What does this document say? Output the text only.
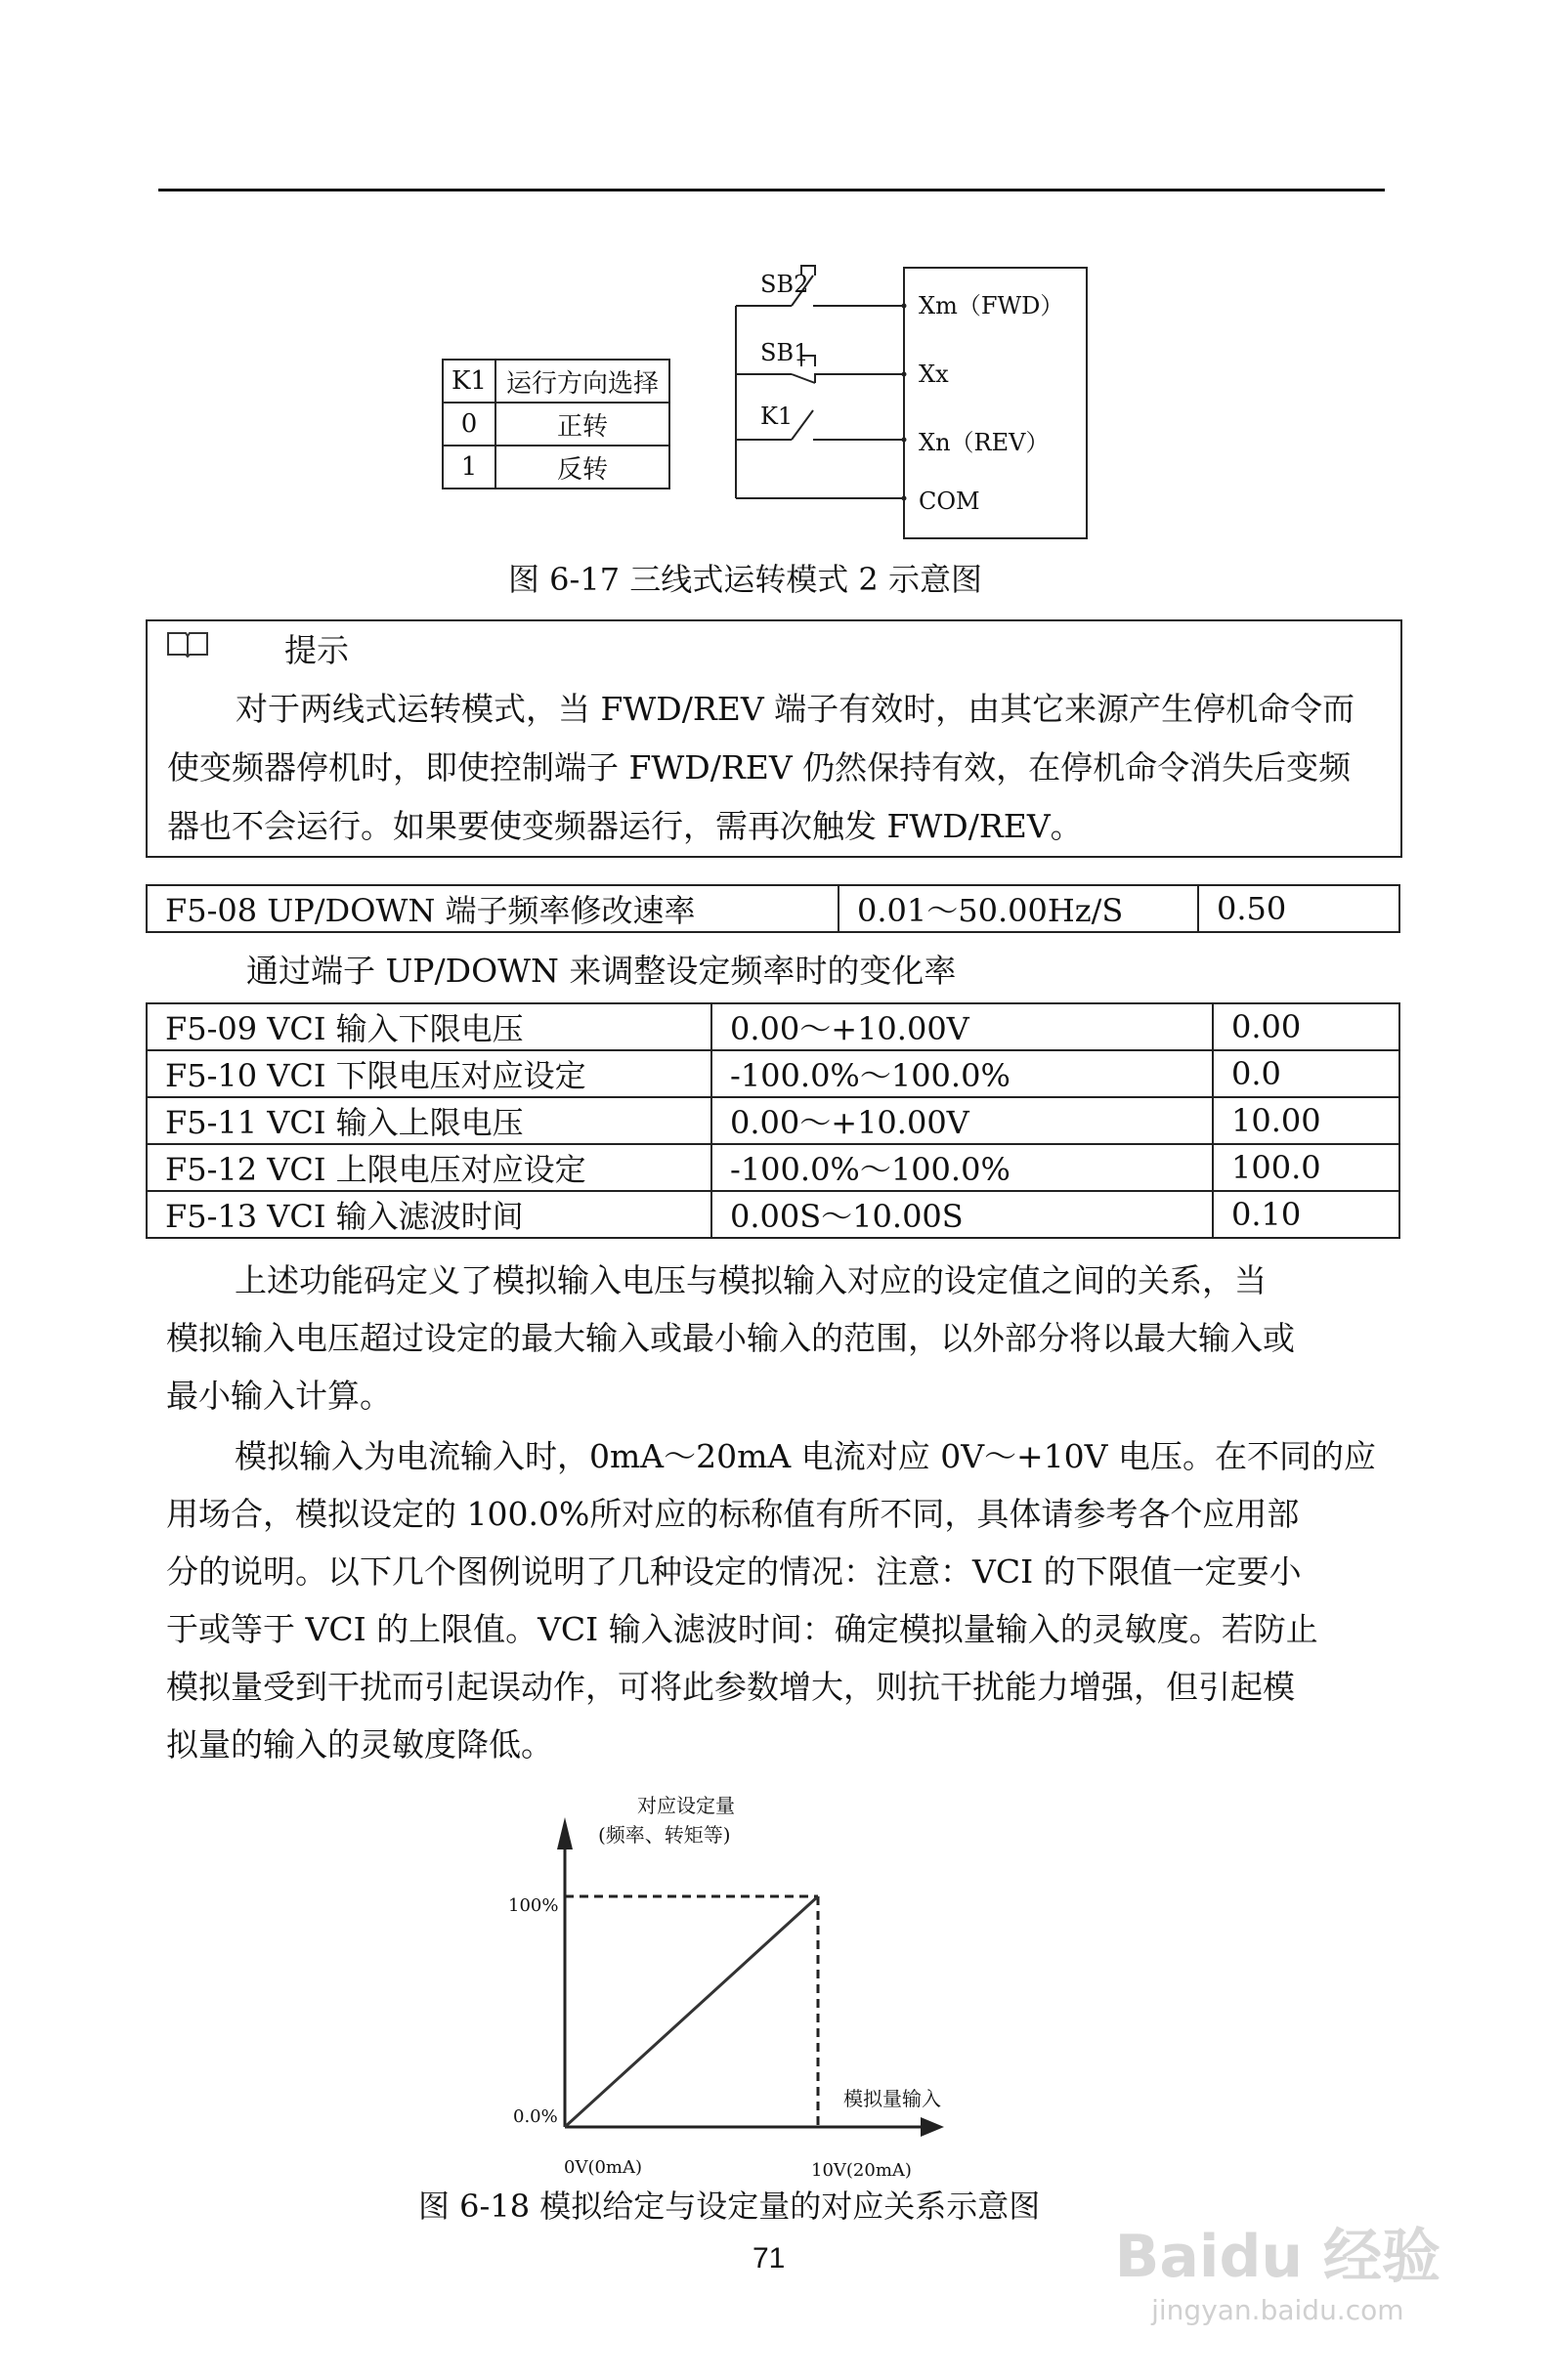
K1	运行方向选择
0	正转
1	反转
SB2
SB1
K1
Xm（FWD）
Xx
Xn（REV）
COM
图 6-17 三线式运转模式 2 示意图

提示

对于两线式运转模式，当 FWD/REV 端子有效时，由其它来源产生停机命令而

使变频器停机时，即使控制端子 FWD/REV 仍然保持有效，在停机命令消失后变频

器也不会运行。如果要使变频器运行，需再次触发 FWD/REV。

F5-08 UP/DOWN 端子频率修改速率	0.01～50.00Hz/S	0.50
通过端子 UP/DOWN 来调整设定频率时的变化率
F5-09 VCI 输入下限电压	0.00～+10.00V	0.00
F5-10 VCI 下限电压对应设定	-100.0%～100.0%	0.0
F5-11 VCI 输入上限电压	0.00～+10.00V	10.00
F5-12 VCI 上限电压对应设定	-100.0%～100.0%	100.0
F5-13 VCI 输入滤波时间	0.00S～10.00S	0.10
上述功能码定义了模拟输入电压与模拟输入对应的设定值之间的关系，当
模拟输入电压超过设定的最大输入或最小输入的范围，以外部分将以最大输入或
最小输入计算。
模拟输入为电流输入时，0mA～20mA 电流对应 0V～+10V 电压。在不同的应
用场合，模拟设定的 100.0%所对应的标称值有所不同，具体请参考各个应用部
分的说明。以下几个图例说明了几种设定的情况：注意：VCI 的下限值一定要小
于或等于 VCI 的上限值。VCI 输入滤波时间：确定模拟量输入的灵敏度。若防止
模拟量受到干扰而引起误动作，可将此参数增大，则抗干扰能力增强，但引起模
拟量的输入的灵敏度降低。
对应设定量
(频率、转矩等)
模拟量输入
100%
0.0%
0V(0mA)	10V(20mA)
图 6-18 模拟给定与设定量的对应关系示意图
71	Baidu 经验
jingyan.baidu.com
